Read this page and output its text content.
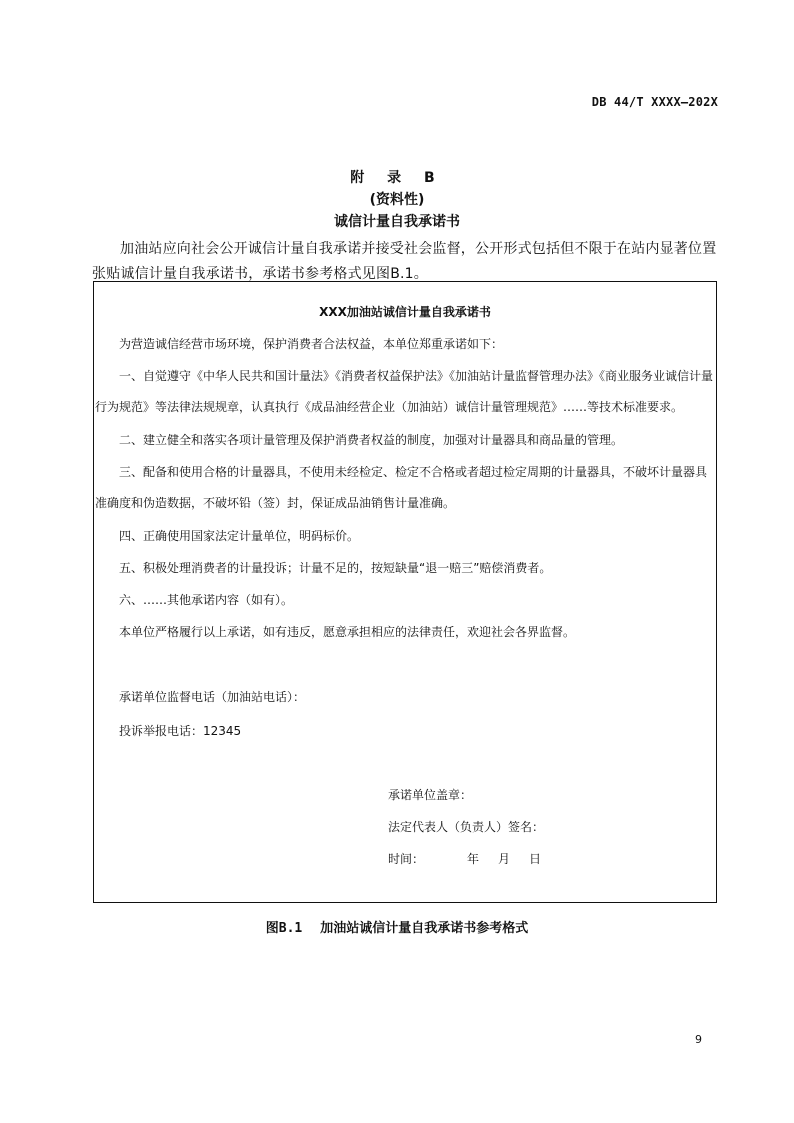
DB 44/T XXXX—202X
附 录 B
(资料性)
诚信计量自我承诺书
加油站应向社会公开诚信计量自我承诺并接受社会监督，公开形式包括但不限于在站内显著位置张贴诚信计量自我承诺书，承诺书参考格式见图B.1。
XXX加油站诚信计量自我承诺书
为营造诚信经营市场环境，保护消费者合法权益，本单位郑重承诺如下：
一、自觉遵守《中华人民共和国计量法》《消费者权益保护法》《加油站计量监督管理办法》《商业服务业诚信计量行为规范》等法律法规规章，认真执行《成品油经营企业（加油站）诚信计量管理规范》……等技术标准要求。
二、建立健全和落实各项计量管理及保护消费者权益的制度，加强对计量器具和商品量的管理。
三、配备和使用合格的计量器具，不使用未经检定、检定不合格或者超过检定周期的计量器具，不破坏计量器具准确度和伪造数据，不破坏铅（签）封，保证成品油销售计量准确。
四、正确使用国家法定计量单位，明码标价。
五、积极处理消费者的计量投诉；计量不足的，按短缺量“退一赔三”赔偿消费者。
六、……其他承诺内容（如有）。
本单位严格履行以上承诺，如有违反，愿意承担相应的法律责任，欢迎社会各界监督。
承诺单位监督电话（加油站电话）：
投诉举报电话：12345
承诺单位盖章：
法定代表人（负责人）签名：
时间：	年 月 日
图B.1 加油站诚信计量自我承诺书参考格式
9
